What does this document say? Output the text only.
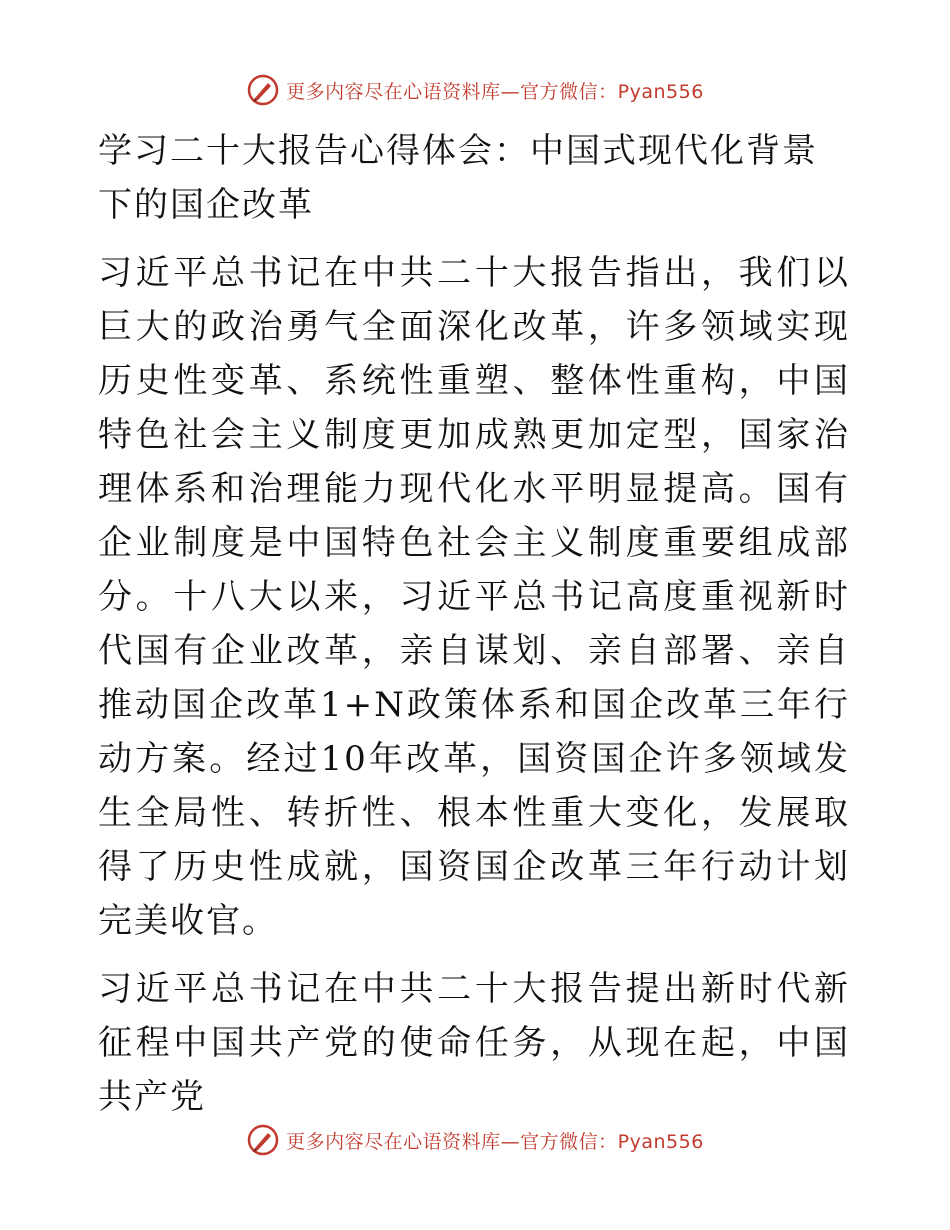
更多内容尽在心语资料库—官方微信：Pyan556
学习二十大报告心得体会：中国式现代化背景下的国企改革

习近平总书记在中共二十大报告指出，我们以巨大的政治勇气全面深化改革，许多领域实现历史性变革、系统性重塑、整体性重构，中国特色社会主义制度更加成熟更加定型，国家治理体系和治理能力现代化水平明显提高。国有企业制度是中国特色社会主义制度重要组成部分。十八大以来，习近平总书记高度重视新时代国有企业改革，亲自谋划、亲自部署、亲自推动国企改革1+N政策体系和国企改革三年行动方案。经过10年改革，国资国企许多领域发生全局性、转折性、根本性重大变化，发展取得了历史性成就，国资国企改革三年行动计划完美收官。

习近平总书记在中共二十大报告提出新时代新征程中国共产党的使命任务，从现在起，中国共产党

更多内容尽在心语资料库—官方微信：Pyan556
